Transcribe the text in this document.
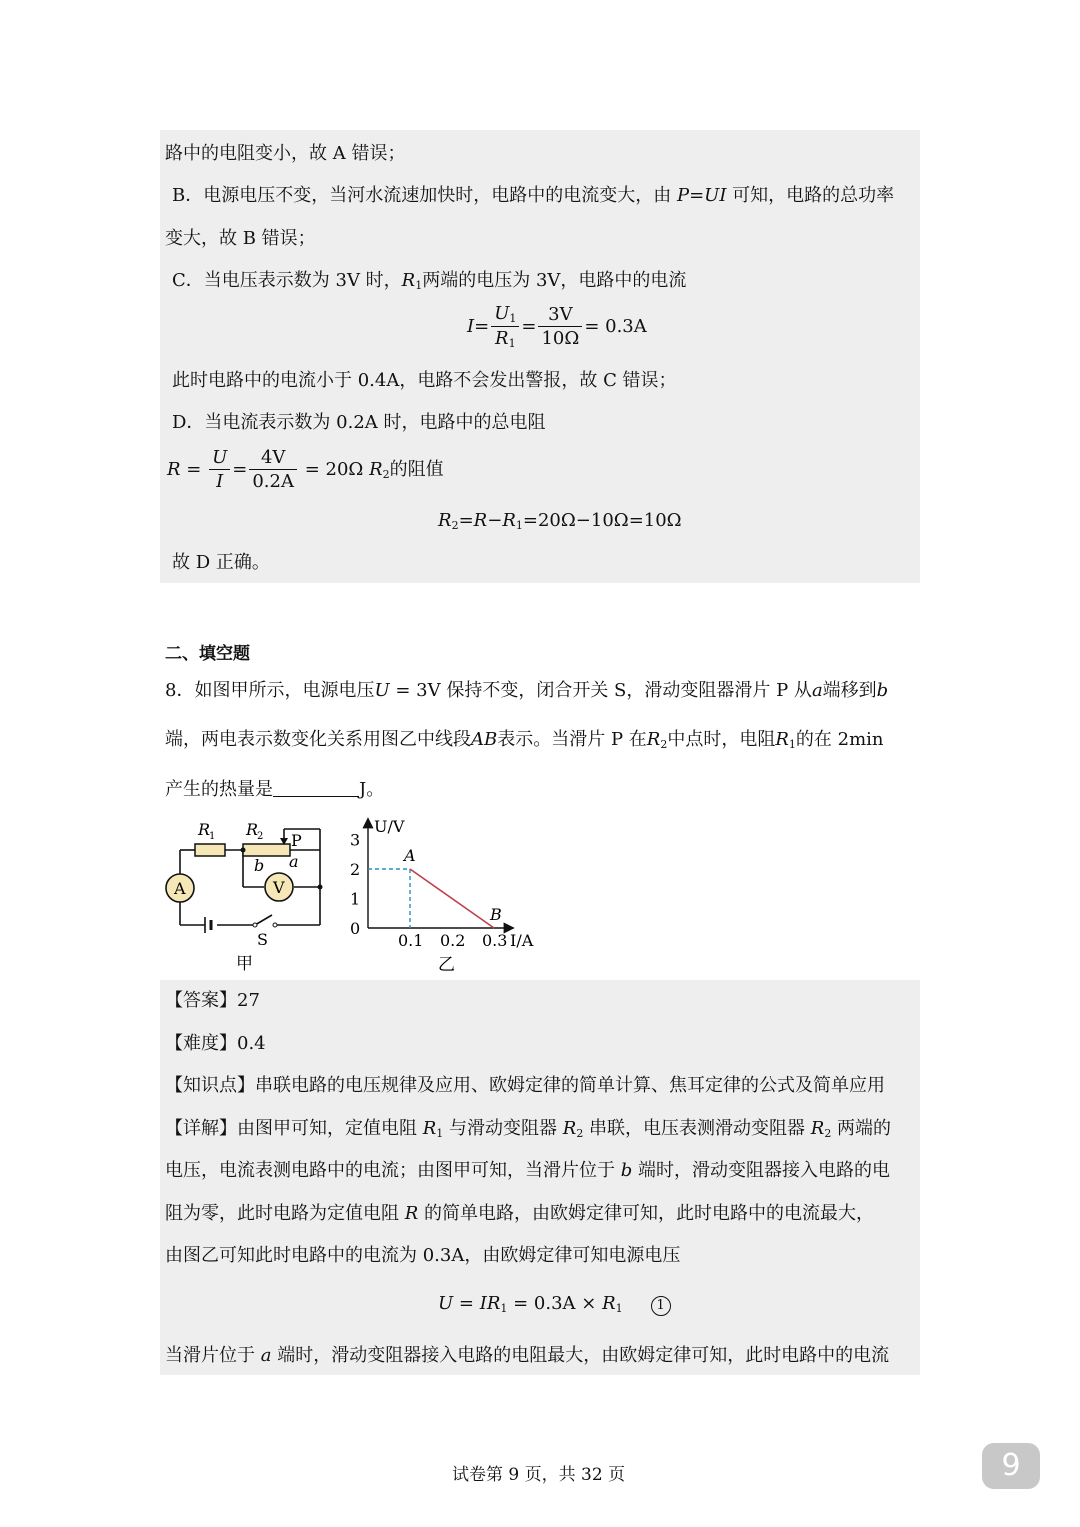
路中的电阻变小，故 A 错误；
B．电源电压不变，当河水流速加快时，电路中的电流变大，由 P=UI 可知，电路的总功率
变大，故 B 错误；
C．当电压表示数为 3V 时，$R_1$两端的电压为 3V，电路中的电流
$I= \frac{U_1}{R_1} = \frac{3V}{10\Omega} = 0.3A$
此时电路中的电流小于 0.4A，电路不会发出警报，故 C 错误；
D．当电流表示数为 0.2A 时，电路中的总电阻
$R = \frac{U}{I} = \frac{4V}{0.2A} = 20\Omega$ $R_2$的阻值
$R_2=R-R_1=20\Omega-10\Omega=10\Omega$
故 D 正确。
二、填空题
8．如图甲所示，电源电压U = 3V 保持不变，闭合开关 S，滑动变阻器滑片 P 从a端移到b
端，两电表示数变化关系用图乙中线段AB表示。当滑片 P 在$R_2$中点时，电阻$R_1$的在 2min
产生的热量是	J。
R
1 R
2 P
b a
A	V
S
甲
U/V
I/A
0
1
2
3
0.1 0.2 0.3
A
B
乙
【答案】27
【难度】0.4
【知识点】串联电路的电压规律及应用、欧姆定律的简单计算、焦耳定律的公式及简单应用
【详解】由图甲可知，定值电阻 $R_1$ 与滑动变阻器 $R_2$ 串联，电压表测滑动变阻器 $R_2$ 两端的
电压，电流表测电路中的电流；由图甲可知，当滑片位于 b 端时，滑动变阻器接入电路的电
阻为零，此时电路为定值电阻 R 的简单电路，由欧姆定律可知，此时电路中的电流最大，
由图乙可知此时电路中的电流为 0.3A，由欧姆定律可知电源电压
$U = IR_1 = 0.3A \times R_1$	1
当滑片位于 a 端时，滑动变阻器接入电路的电阻最大，由欧姆定律可知，此时电路中的电流
试卷第 9 页，共 32 页	9
